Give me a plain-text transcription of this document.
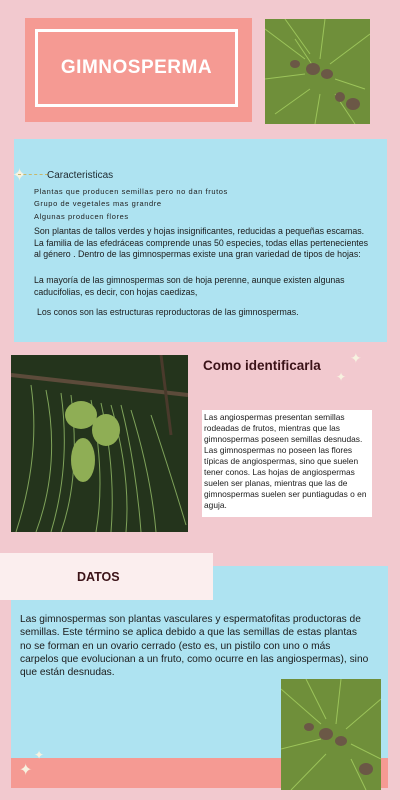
GIMNOSPERMA
✦ Caracteristicas
Plantas que producen semillas pero no dan frutos
Grupo de vegetales mas grandre
Algunas producen flores
Son plantas de tallos verdes y hojas insignificantes, reducidas a pequeñas escamas. La familia de las efedráceas comprende unas 50 especies, todas ellas pertenecientes al género . Dentro de las gimnospermas existe una gran variedad de tipos de hojas:
La mayoría de las gimnospermas son de hoja perenne, aunque existen algunas caducifolias, es decir, con hojas caedizas,
Los conos son las estructuras reproductoras de las gimnospermas.
Como identificarla ✦
✦
Las angiospermas presentan semillas rodeadas de frutos, mientras que las gimnospermas poseen semillas desnudas. Las gimnospermas no poseen las flores típicas de angiospermas, sino que suelen tener conos. Las hojas de angiospermas suelen ser planas, mientras que las de gimnospermas suelen ser puntiagudas o en aguja.
DATOS
Las gimnospermas son plantas vasculares y espermatofitas productoras de semillas. Este término se aplica debido a que las semillas de estas plantas no se forman en un ovario cerrado (esto es, un pistilo con uno o más carpelos que evolucionan a un fruto, como ocurre en las angiospermas), sino que están desnudas.
✦
✦
